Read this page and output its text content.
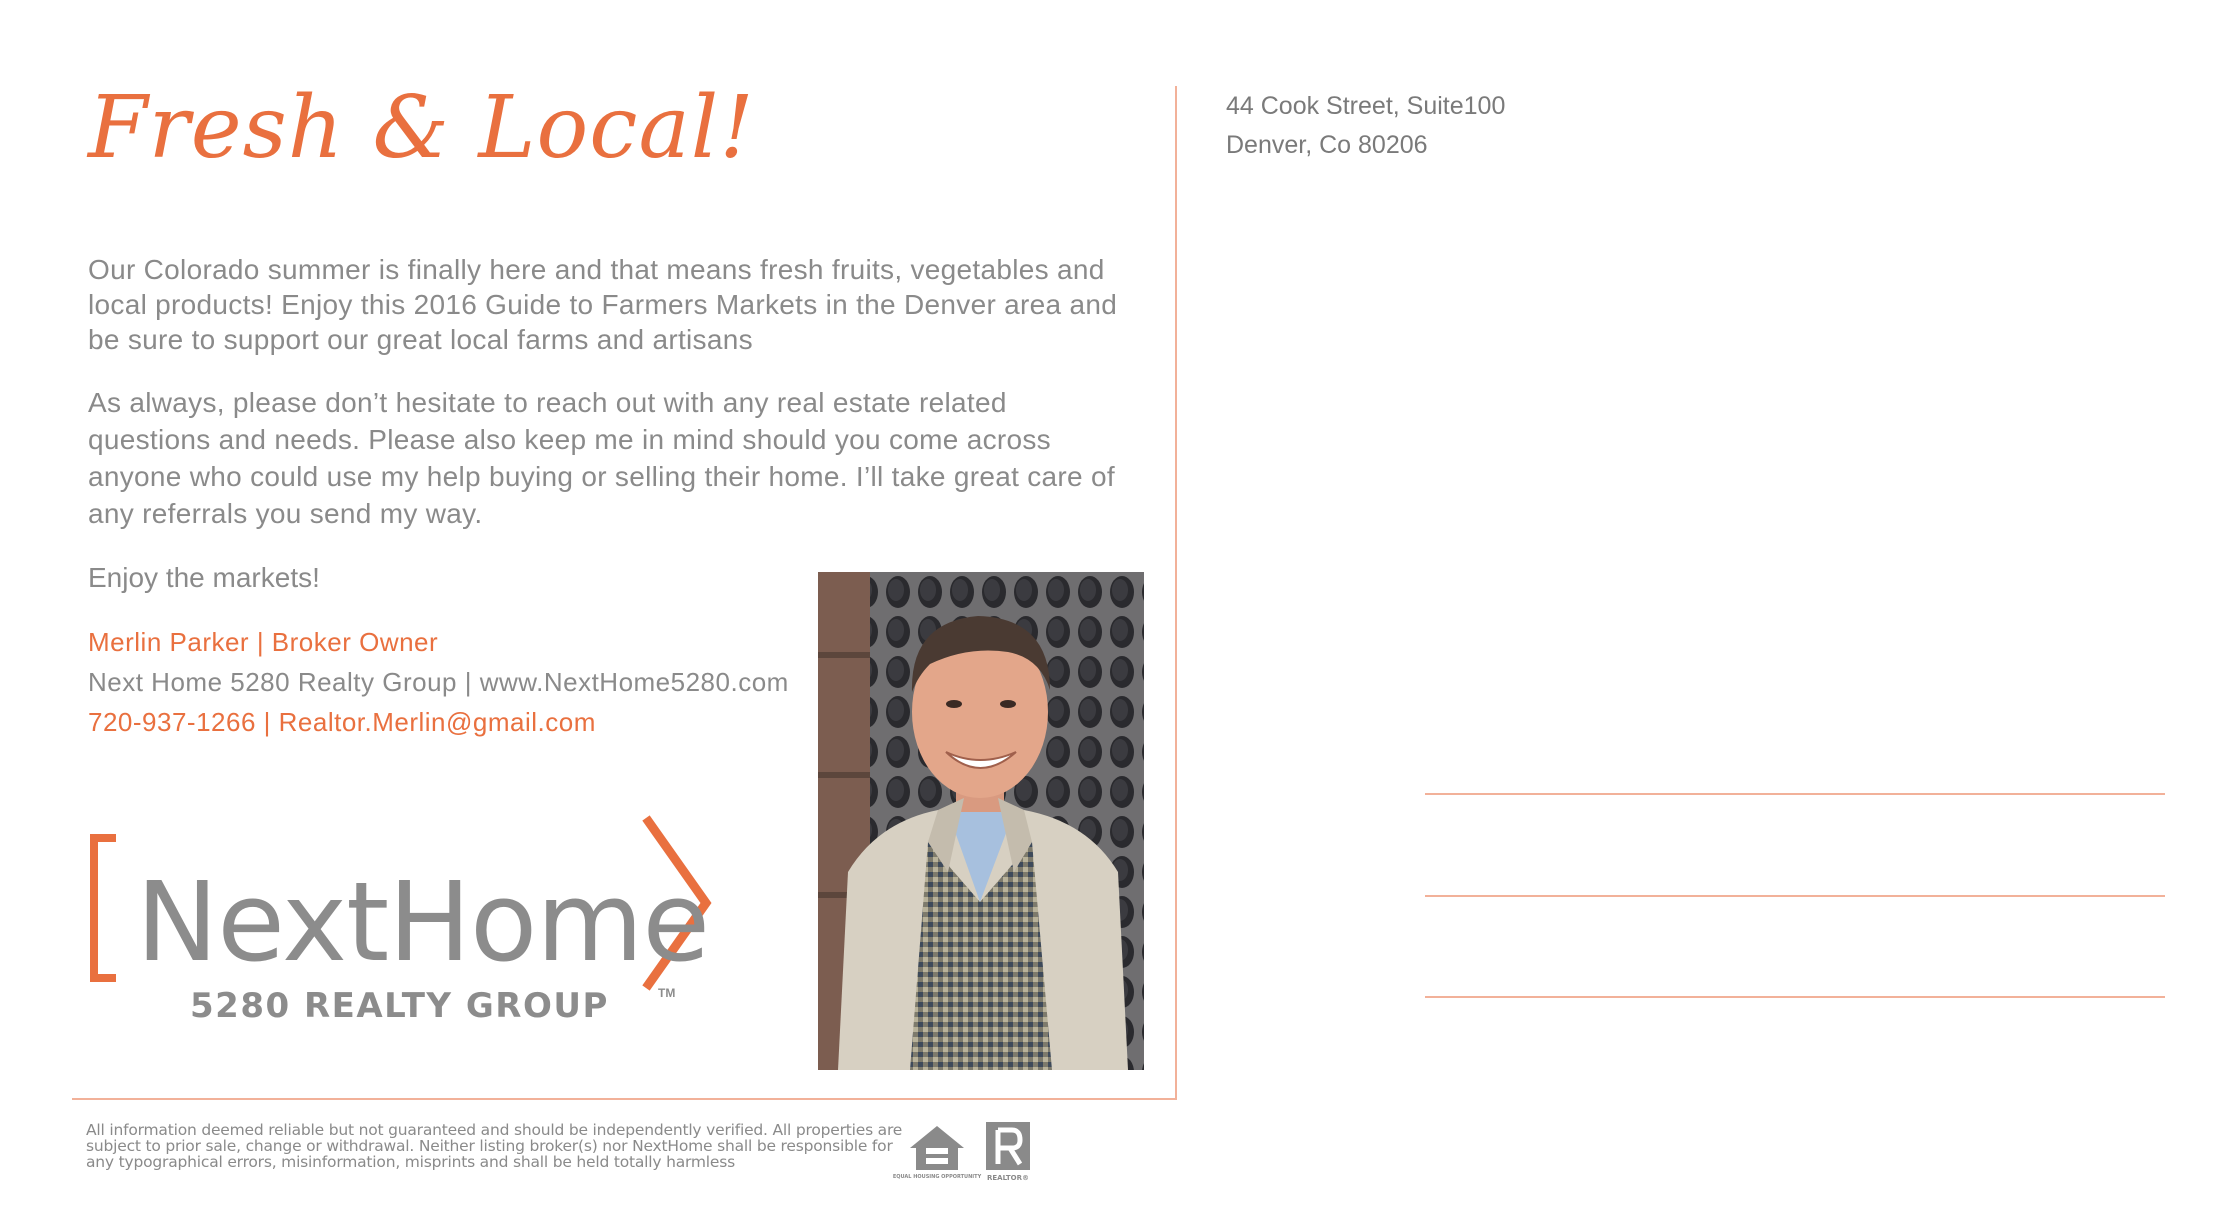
Fresh & Local!

Our Colorado summer is finally here and that means fresh fruits, vegetables and local products! Enjoy this 2016 Guide to Farmers Markets in the Denver area and be sure to support our great local farms and artisans

As always, please don’t hesitate to reach out with any real estate related questions and needs. Please also keep me in mind should you come across anyone who could use my help buying or selling their home. I’ll take great care of any referrals you send my way.

Enjoy the markets!
Merlin Parker | Broker Owner
Next Home 5280 Realty Group | www.NextHome5280.com
720-937-1266 | Realtor.Merlin@gmail.com
NextHome
5280 REALTY GROUP	TM
44 Cook Street, Suite100
Denver, Co 80206

All information deemed reliable but not guaranteed and should be independently verified. All properties are subject to prior sale, change or withdrawal. Neither listing broker(s) nor NextHome shall be responsible for any typographical errors, misinformation, misprints and shall be held totally harmless

EQUAL HOUSING OPPORTUNITY REALTOR®
